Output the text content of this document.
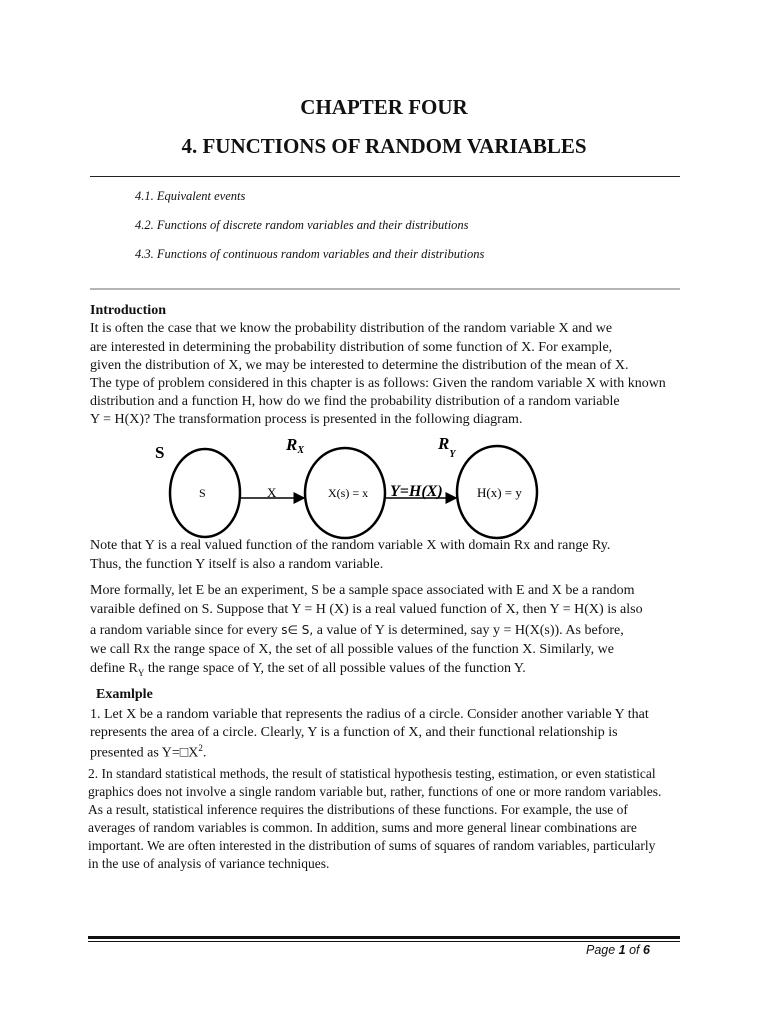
CHAPTER FOUR
4. FUNCTIONS OF RANDOM VARIABLES
4.1. Equivalent events
4.2. Functions of discrete random variables and their distributions
4.3. Functions of continuous random variables and their distributions
Introduction
It is often the case that we know the probability distribution of the random variable X and we
are interested in determining the probability distribution of some function of X. For example,
given the distribution of X, we may be interested to determine the distribution of the mean of X.
The type of problem considered in this chapter is as follows: Given the random variable X with known
distribution and a function H, how do we find the probability distribution of a random variable
Y = H(X)? The transformation process is presented in the following diagram.
S	RX	$R_Y$
S	X	X(s) = x Y=H(X)	H(x) = y
Note that Y is a real valued function of the random variable X with domain Rx and range Ry.
Thus, the function Y itself is also a random variable.
More formally, let E be an experiment, S be a sample space associated with E and X be a random
varaible defined on S. Suppose that Y = H (X) is a real valued function of X, then Y = H(X) is also
a random variable since for every s∈ S, a value of Y is determined, say y = H(X(s)). As before,
we call Rx the range space of X, the set of all possible values of the function X. Similarly, we
define $R_Y$ the range space of Y, the set of all possible values of the function Y.
Examlple
1. Let X be a random variable that represents the radius of a circle. Consider another variable Y that
represents the area of a circle. Clearly, Y is a function of X, and their functional relationship is
presented as $Y=□X^2$.
2. In standard statistical methods, the result of statistical hypothesis testing, estimation, or even statistical
graphics does not involve a single random variable but, rather, functions of one or more random variables.
As a result, statistical inference requires the distributions of these functions. For example, the use of
averages of random variables is common. In addition, sums and more general linear combinations are
important. We are often interested in the distribution of sums of squares of random variables, particularly
in the use of analysis of variance techniques.
Page 1 of 6
